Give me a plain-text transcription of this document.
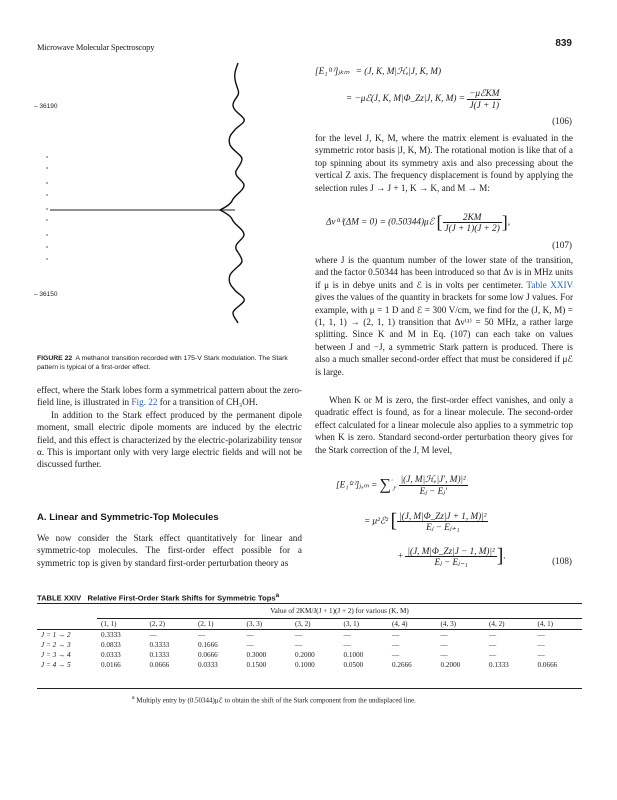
Microwave Molecular Spectroscopy	839
– 36190
– 36150
FIGURE 22 A methanol transition recorded with 175-V Stark modulation. The Stark pattern is typical of a first-order effect.

effect, where the Stark lobes form a symmetrical pattern about the zero-field line, is illustrated in Fig. 22 for a transition of CH₃OH.

In addition to the Stark effect produced by the permanent dipole moment, small electric dipole moments are induced by the electric field, and this effect is characterized by the electric-polarizability tensor α. This is important only with very large electric fields and will not be discussed further.

A. Linear and Symmetric-Top Molecules
We now consider the Stark effect quantitatively for linear and symmetric-top molecules. The first-order effect possible for a symmetric top is given by standard first-order perturbation theory as
[E₁⁽¹⁾]ⱼₖₘ = (J, K, M|ℋₑ|J, K, M)
= −μℰ(J, K, M|Φ_Zz|J, K, $M) = \frac{\text{−μℰKM}}{J(J + 1)}$
(106)
for the level J, K, M, where the matrix element is evaluated in the symmetric rotor basis |J, K, M). The rotational motion is like that of a top spinning about its symmetry axis and also precessing about the vertical Z axis. The frequency displacement is found by applying the selection rules J → J + 1, K → K, and M → M:
Δν⁽¹⁾(ΔM = 0) = (0.50344)μℰ [ $\frac{2KM}{J(J + 1)(J + 2)}$ ],
(107)
where J is the quantum number of the lower state of the transition, and the factor 0.50344 has been introduced so that Δν is in MHz units if μ is in debye units and ℰ is in volts per centimeter. Table XXIV gives the values of the quantity in brackets for some low J values. For example, with μ = 1 D and ℰ = 300 V/cm, we find for the (J, K, M) = (1, 1, 1) → (2, 1, 1) transition that Δν⁽¹⁾ = 50 MHz, a rather large splitting. Since K and M in Eq. (107) can each take on values between J and −J, a symmetric Stark pattern is produced. There is also a much smaller second-order effect that must be considered if μℰ is large.
When K or M is zero, the first-order effect vanishes, and only a quadratic effect is found, as for a linear molecule. The second-order effect calculated for a linear molecule also applies to a symmetric top when K is zero. Standard second-order perturbation theory gives for the Stark correction of the J, M level,
[E₁⁽²⁾]ⱼ,ₘ = $\sum'_{J'} \frac{\text{|(J, M|ℋₑ|J′, M)|²}}{\text{Eⱼ − Eⱼ′}}$
= μ²ℰ² [ $\frac{\text{|(J, M|Φ\_Zz|J + 1, M)|²}}{\text{Eⱼ − Eⱼ₊₁}}$
+ $\frac{\text{|(J, M|Φ\_Zz|J − 1, M)|²}}{\text{Eⱼ − Eⱼ₋₁}}$ ].
(108)
TABLE XXIV Relative First-Order Stark Shifts for Symmetric Tops$^a$
	Value of 2KM/J(J + 1)(J + 2) for various (K, M)									
	(1, 1)	(2, 2)	(2, 1)	(3, 3)	(3, 2)	(3, 1)	(4, 4)	(4, 3)	(4, 2)	(4, 1)
J = 1 → 2	0.3333	—	—	—	—	—	—	—	—	—
J = 2 → 3	0.0833	0.3333	0.1666	—	—	—	—	—	—	—
J = 3 → 4	0.0333	0.1333	0.0666	0.3000	0.2000	0.1000	—	—	—	—
J = 4 → 5	0.0166	0.0666	0.0333	0.1500	0.1000	0.0500	0.2666	0.2000	0.1333	0.0666
$^a$ Multiply entry by (0.50344)μℰ to obtain the shift of the Stark component from the undisplaced line.
